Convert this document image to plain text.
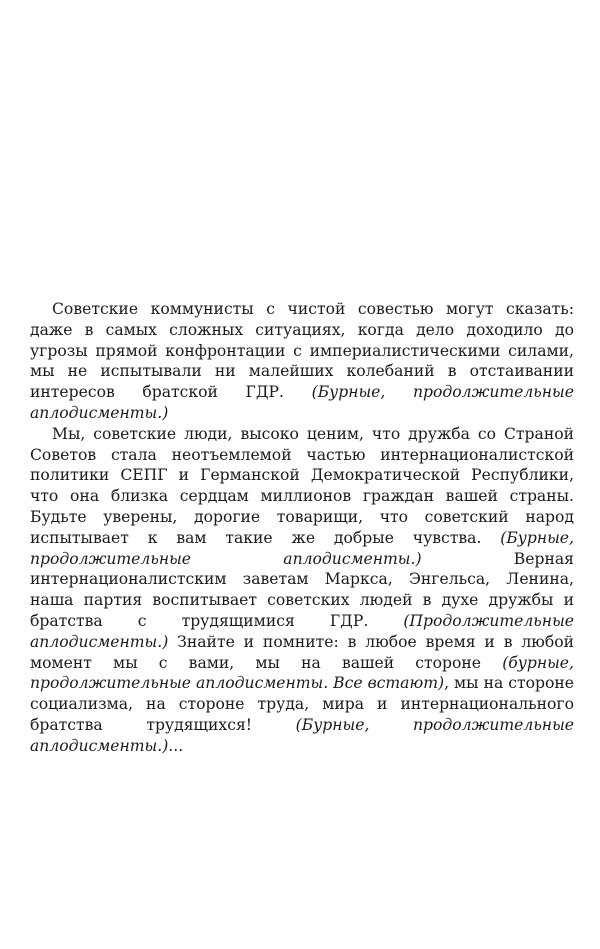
Советские коммунисты с чистой совестью могут сказать: даже в самых сложных ситуациях, когда дело доходило до угрозы прямой конфронтации с империалистическими силами, мы не испытывали ни малейших колебаний в отстаивании интересов братской ГДР. (Бурные, продолжительные аплодисменты.)

Мы, советские люди, высоко ценим, что дружба со Страной Советов стала неотъемлемой частью интернационалистской политики СЕПГ и Германской Демократической Республики, что она близка сердцам миллионов граждан вашей страны. Будьте уверены, дорогие товарищи, что советский народ испытывает к вам такие же добрые чувства. (Бурные, продолжительные аплодисменты.) Верная интернационалистским заветам Маркса, Энгельса, Ленина, наша партия воспитывает советских людей в духе дружбы и братства с трудящимися ГДР. (Продолжительные аплодисменты.) Знайте и помните: в любое время и в любой момент мы с вами, мы на вашей стороне (бурные, продолжительные аплодисменты. Все встают), мы на стороне социализма, на стороне труда, мира и интернационального братства трудящихся! (Бурные, продолжительные аплодисменты.)...
